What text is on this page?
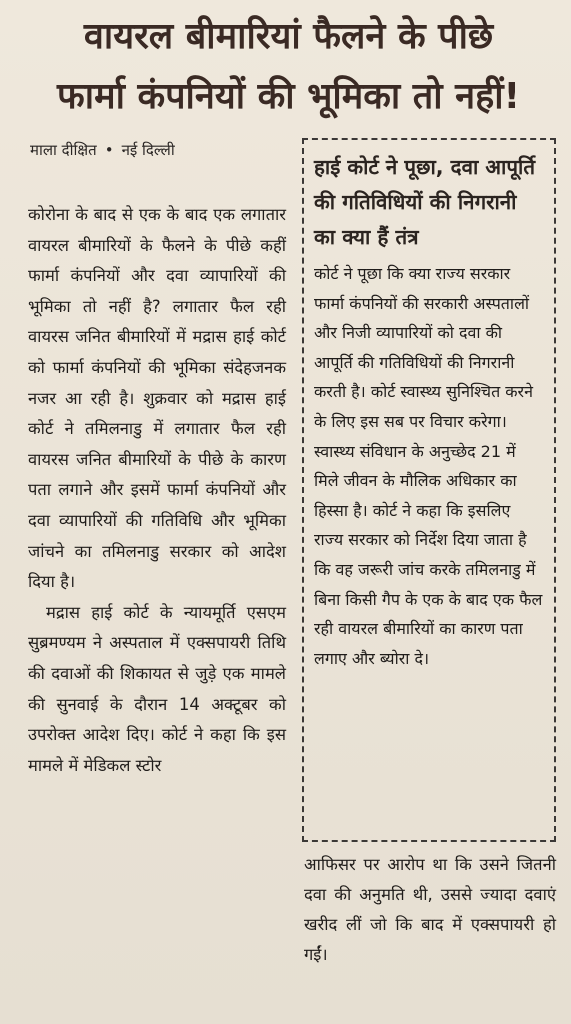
वायरल बीमारियां फैलने के पीछे
फार्मा कंपनियों की भूमिका तो नहीं!
माला दीक्षित • नई दिल्ली

कोरोना के बाद से एक के बाद एक लगातार वायरल बीमारियों के फैलने के पीछे कहीं फार्मा कंपनियों और दवा व्यापारियों की भूमिका तो नहीं है? लगातार फैल रही वायरस जनित बीमारियों में मद्रास हाई कोर्ट को फार्मा कंपनियों की भूमिका संदेहजनक नजर आ रही है। शुक्रवार को मद्रास हाई कोर्ट ने तमिलनाडु में लगातार फैल रही वायरस जनित बीमारियों के पीछे के कारण पता लगाने और इसमें फार्मा कंपनियों और दवा व्यापारियों की गतिविधि और भूमिका जांचने का तमिलनाडु सरकार को आदेश दिया है।

मद्रास हाई कोर्ट के न्यायमूर्ति एसएम सुब्रमण्यम ने अस्पताल में एक्सपायरी तिथि की दवाओं की शिकायत से जुड़े एक मामले की सुनवाई के दौरान 14 अक्टूबर को उपरोक्त आदेश दिए। कोर्ट ने कहा कि इस मामले में मेडिकल स्टोर

हाई कोर्ट ने पूछा, दवा आपूर्ति की गतिविधियों की निगरानी का क्या हैं तंत्र

कोर्ट ने पूछा कि क्या राज्य सरकार फार्मा कंपनियों की सरकारी अस्पतालों और निजी व्यापारियों को दवा की आपूर्ति की गतिविधियों की निगरानी करती है। कोर्ट स्वास्थ्य सुनिश्चित करने के लिए इस सब पर विचार करेगा। स्वास्थ्य संविधान के अनुच्छेद 21 में मिले जीवन के मौलिक अधिकार का हिस्सा है। कोर्ट ने कहा कि इसलिए राज्य सरकार को निर्देश दिया जाता है कि वह जरूरी जांच करके तमिलनाडु में बिना किसी गैप के एक के बाद एक फैल रही वायरल बीमारियों का कारण पता लगाए और ब्योरा दे।

आफिसर पर आरोप था कि उसने जितनी दवा की अनुमति थी, उससे ज्यादा दवाएं खरीद लीं जो कि बाद में एक्सपायरी हो गईं।
